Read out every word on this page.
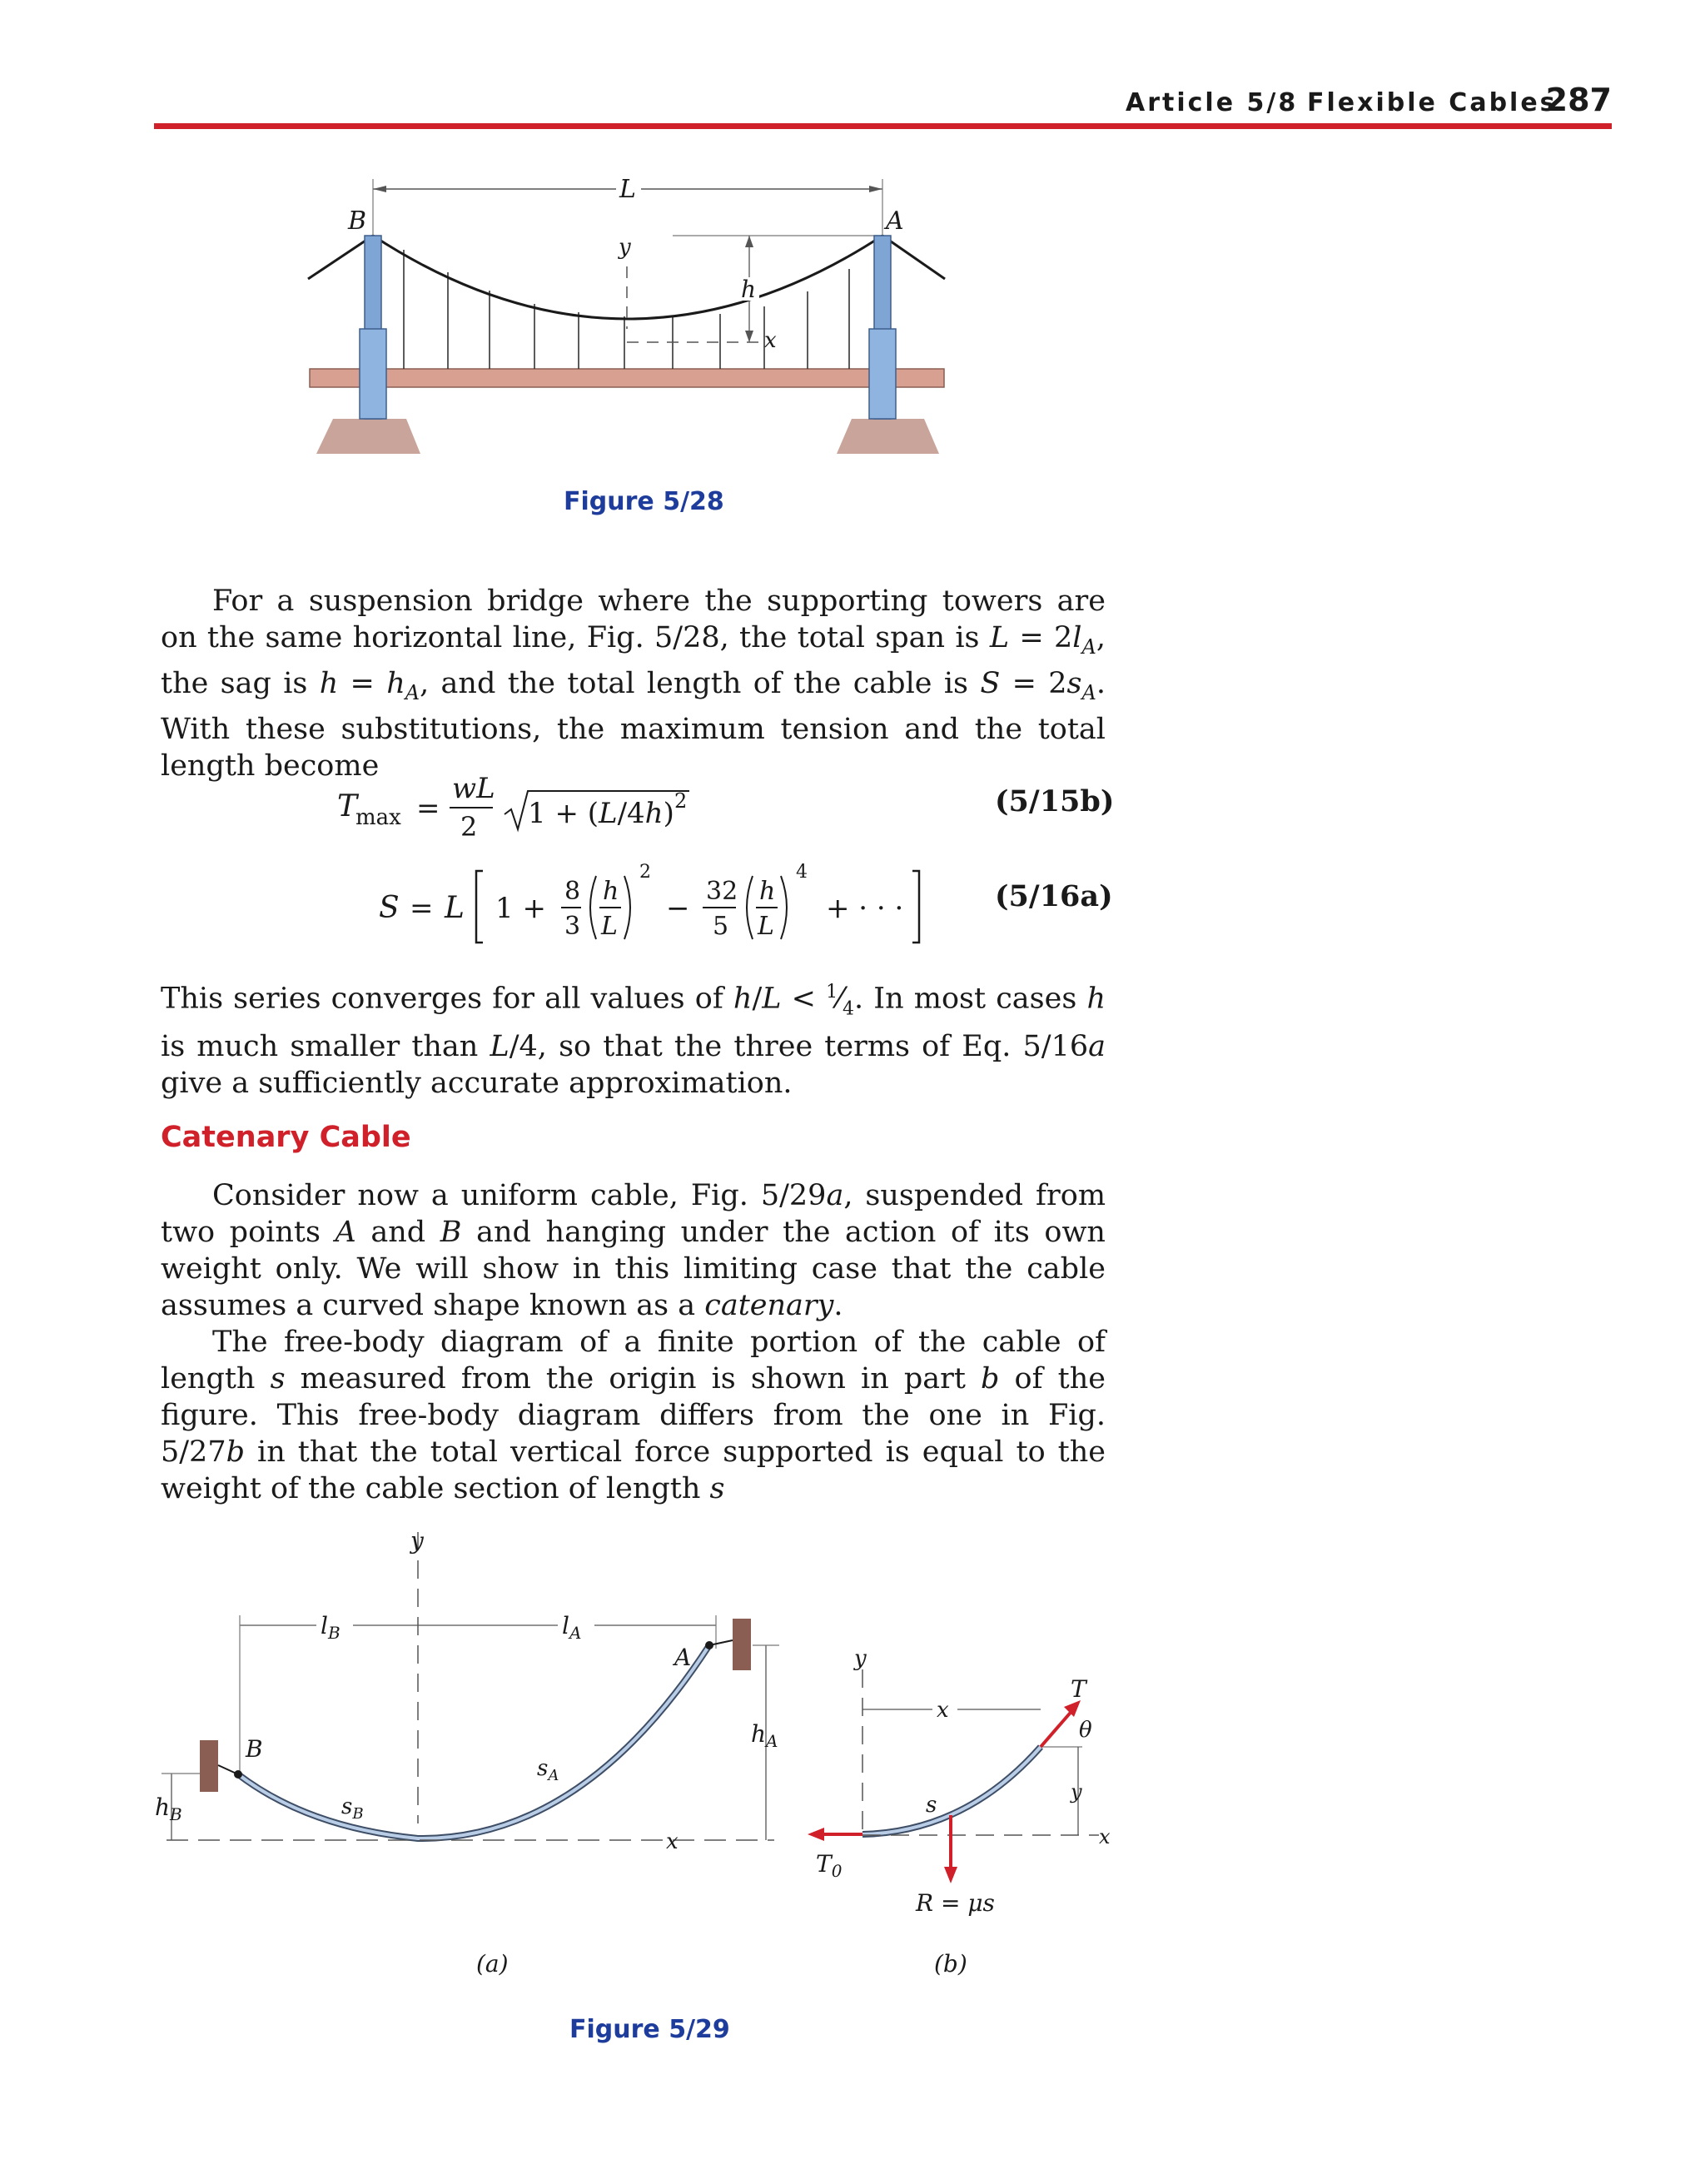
Article 5/8 Flexible Cables
287
L
B	A
y
x
h
Figure 5/28

For a suspension bridge where the supporting towers are on the same horizontal line, Fig. 5/28, the total span is $L = 2l_A$, the sag is $h = h_A$, and the total length of the cable is $S = 2s_A$. With these substitutions, the maximum tension and the total length become

T
max =
wL
2 1 + (L/4h) 2	(5/15b)
S = L 1 +
8
3
h
L
2
−
32
5
h
L
4
+ · · ·	(5/16a)

This series converges for all values of $h/L < ^1⁄_4$. In most cases h is much smaller than L/4, so that the three terms of Eq. 5/16a give a sufficiently accurate approximation.

Catenary Cable

Consider now a uniform cable, Fig. 5/29a, suspended from two points A and B and hanging under the action of its own weight only. We will show in this limiting case that the cable assumes a curved shape known as a catenary.

The free-body diagram of a finite portion of the cable of length s measured from the origin is shown in part b of the figure. This free-body diagram differs from the one in Fig. 5/27b in that the total vertical force supported is equal to the weight of the cable section of length s

y
$l_B$	$l_A$
B
A
x
$h_B$
$h_A$
$s_A$
$s_B$
(a)
y
x
y
x
$T_0$
R = μs
s
T
θ
(b)
Figure 5/29
